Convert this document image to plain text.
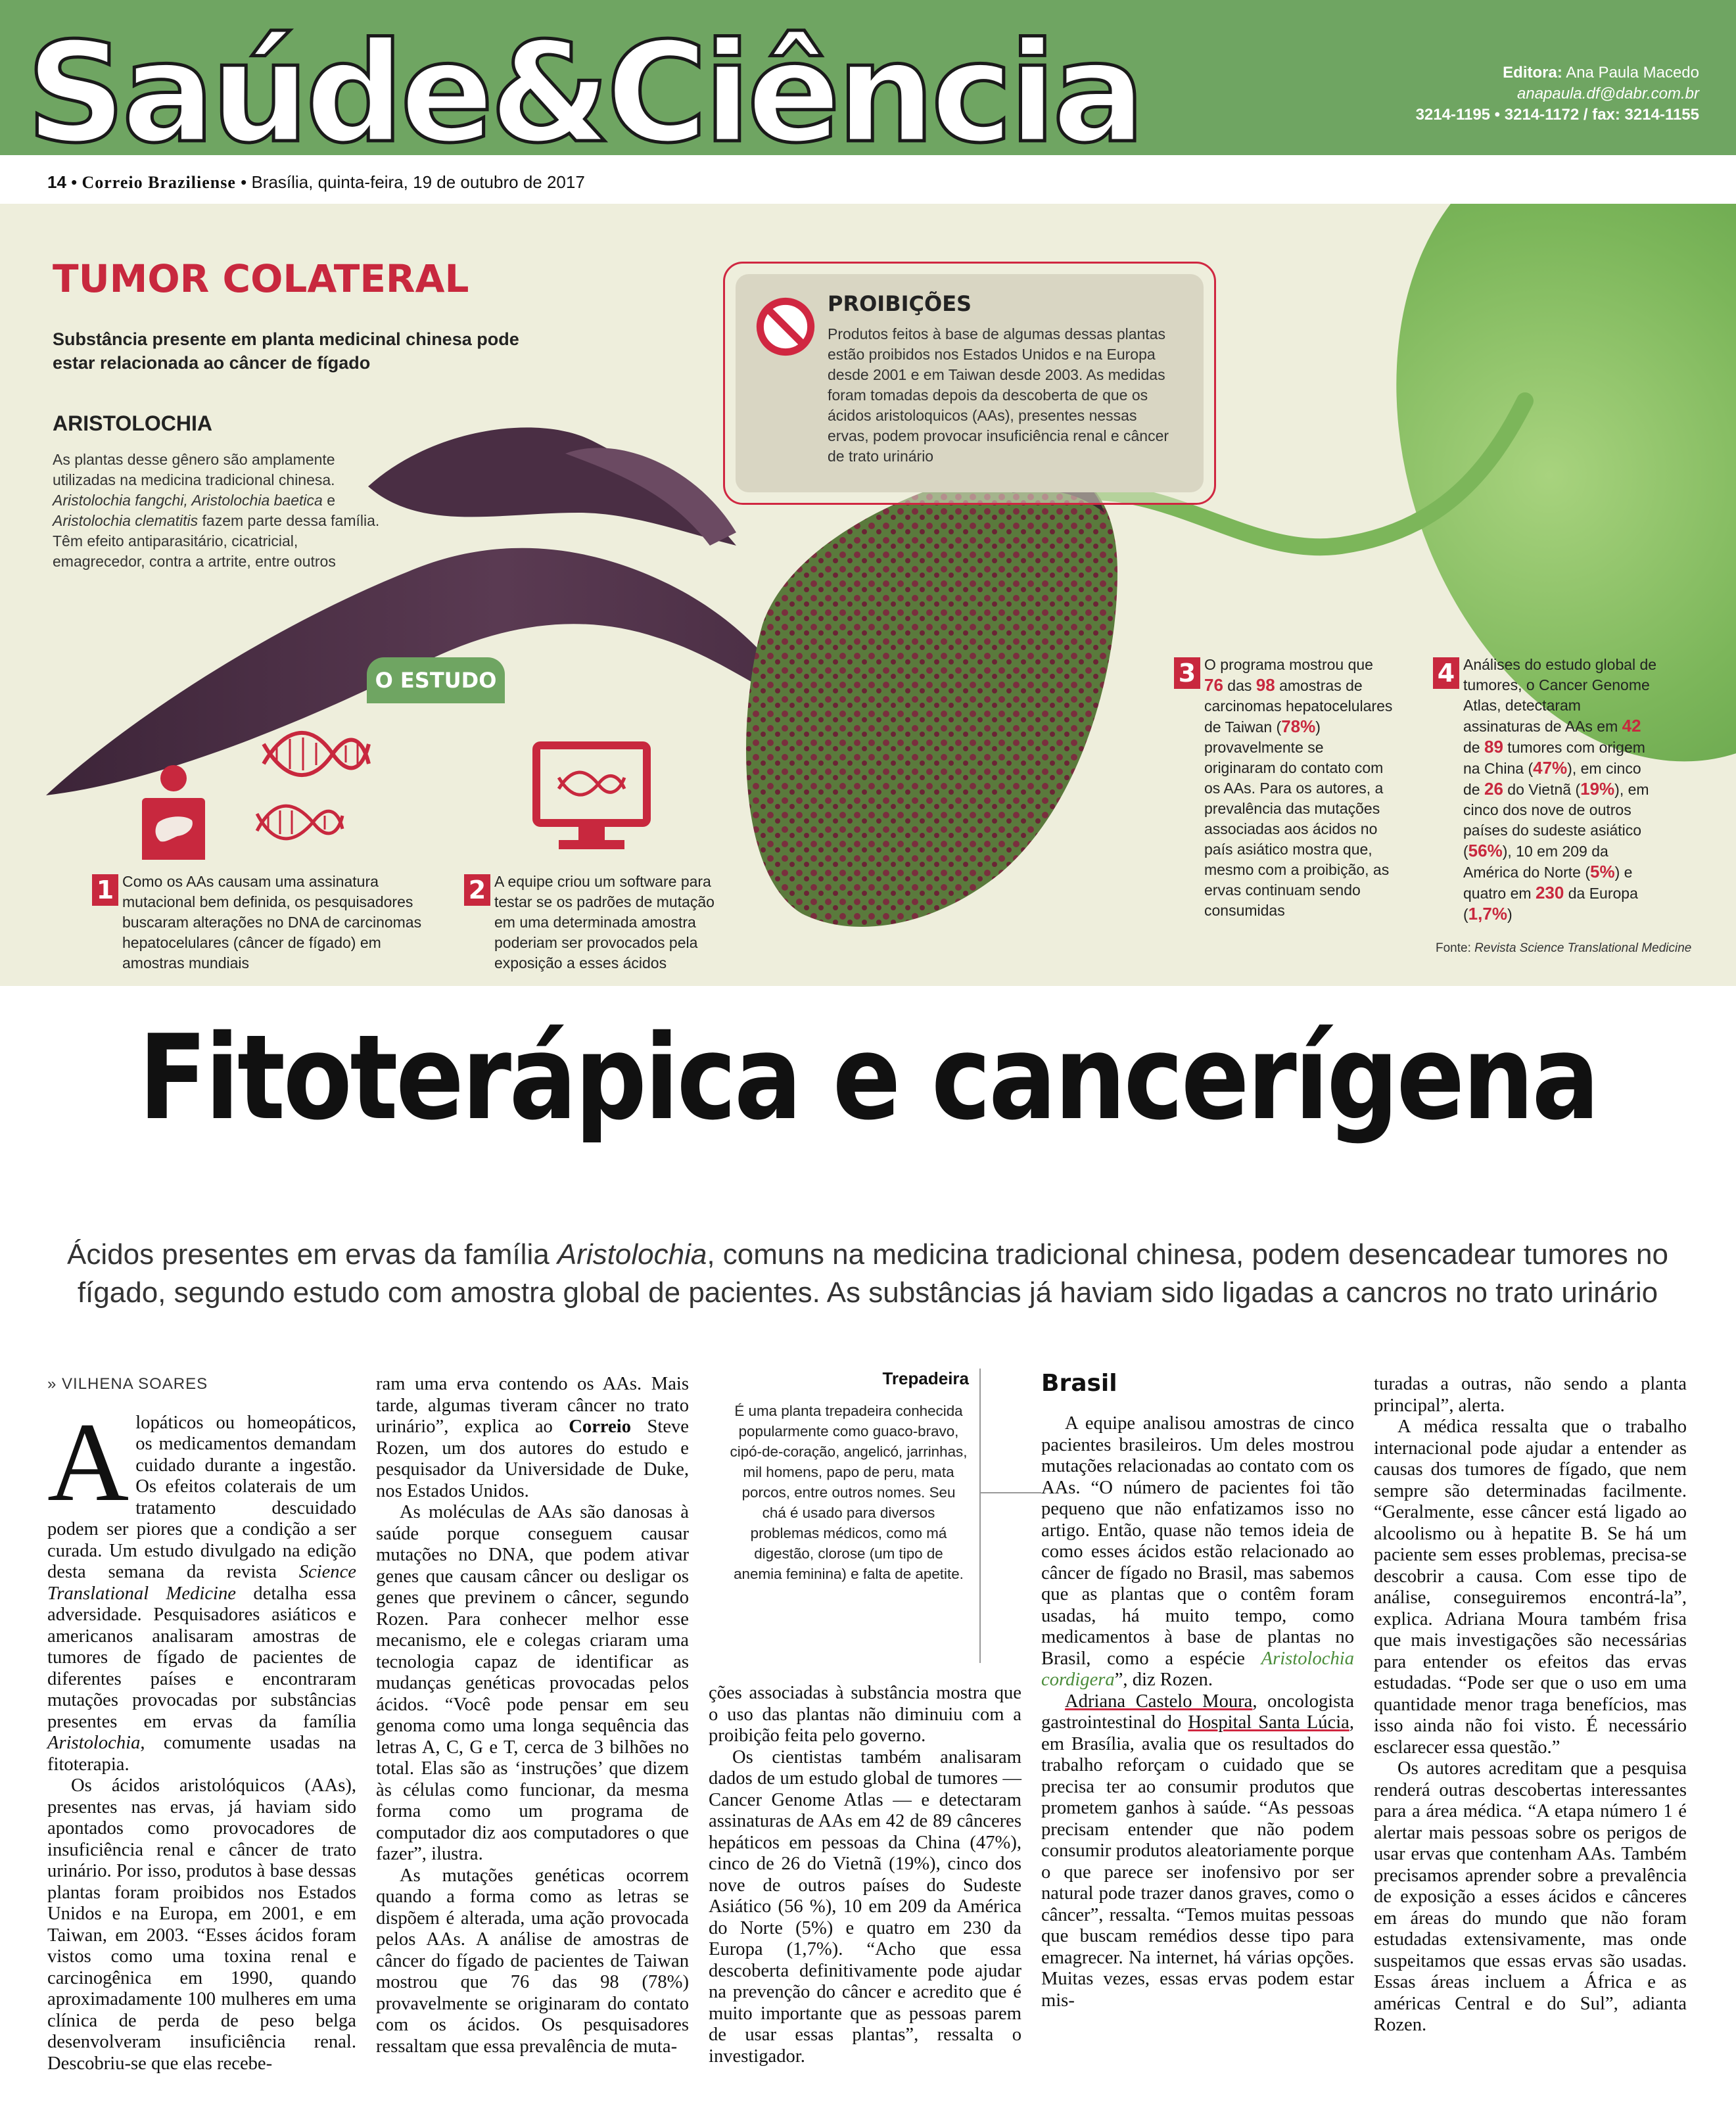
Saúde&Ciência	Editora: Ana Paula Macedo
anapaula.df@dabr.com.br
3214-1195 • 3214-1172 / fax: 3214-1155
14 • Correio Braziliense • Brasília, quinta-feira, 19 de outubro de 2017
TUMOR COLATERAL
Substância presente em planta medicinal chinesa pode estar relacionada ao câncer de fígado
ARISTOLOCHIA
As plantas desse gênero são amplamente utilizadas na medicina tradicional chinesa. Aristolochia fangchi, Aristolochia baetica e Aristolochia clematitis fazem parte dessa família. Têm efeito antiparasitário, cicatricial, emagrecedor, contra a artrite, entre outros
PROIBIÇÕES
Produtos feitos à base de algumas dessas plantas estão proibidos nos Estados Unidos e na Europa desde 2001 e em Taiwan desde 2003. As medidas foram tomadas depois da descoberta de que os ácidos aristoloquicos (AAs), presentes nessas ervas, podem provocar insuficiência renal e câncer de trato urinário
O ESTUDO
1 Como os AAs causam uma assinatura mutacional bem definida, os pesquisadores buscaram alterações no DNA de carcinomas hepatocelulares (câncer de fígado) em amostras mundiais
2 A equipe criou um software para testar se os padrões de mutação em uma determinada amostra poderiam ser provocados pela exposição a esses ácidos
3 O programa mostrou que 76 das 98 amostras de carcinomas hepatocelulares de Taiwan (78%) provavelmente se originaram do contato com os AAs. Para os autores, a prevalência das mutações associadas aos ácidos no país asiático mostra que, mesmo com a proibição, as ervas continuam sendo consumidas
4 Análises do estudo global de tumores, o Cancer Genome Atlas, detectaram assinaturas de AAs em 42 de 89 tumores com origem na China (47%), em cinco de 26 do Vietnã (19%), em cinco dos nove de outros países do sudeste asiático (56%), 10 em 209 da América do Norte (5%) e quatro em 230 da Europa (1,7%)
Fonte: Revista Science Translational Medicine
Fitoterápica e cancerígena
Ácidos presentes em ervas da família Aristolochia, comuns na medicina tradicional chinesa, podem desencadear tumores no fígado, segundo estudo com amostra global de pacientes. As substâncias já haviam sido ligadas a cancros no trato urinário
» VILHENA SOARES

Alopáticos ou homeopáticos, os medicamentos demandam cuidado durante a ingestão. Os efeitos colaterais de um tratamento descuidado podem ser piores que a condição a ser curada. Um estudo divulgado na edição desta semana da revista Science Translational Medicine detalha essa adversidade. Pesquisadores asiáticos e americanos analisaram amostras de tumores de fígado de pacientes de diferentes países e encontraram mutações provocadas por substâncias presentes em ervas da família Aristolochia, comumente usadas na fitoterapia.

Os ácidos aristolóquicos (AAs), presentes nas ervas, já haviam sido apontados como provocadores de insuficiência renal e câncer de trato urinário. Por isso, produtos à base dessas plantas foram proibidos nos Estados Unidos e na Europa, em 2001, e em Taiwan, em 2003. “Esses ácidos foram vistos como uma toxina renal e carcinogênica em 1990, quando aproximadamente 100 mulheres em uma clínica de perda de peso belga desenvolveram insuficiência renal. Descobriu-se que elas recebe-

ram uma erva contendo os AAs. Mais tarde, algumas tiveram câncer no trato urinário”, explica ao Correio Steve Rozen, um dos autores do estudo e pesquisador da Universidade de Duke, nos Estados Unidos.

As moléculas de AAs são danosas à saúde porque conseguem causar mutações no DNA, que podem ativar genes que causam câncer ou desligar os genes que previnem o câncer, segundo Rozen. Para conhecer melhor esse mecanismo, ele e colegas criaram uma tecnologia capaz de identificar as mudanças genéticas provocadas pelos ácidos. “Você pode pensar em seu genoma como uma longa sequência das letras A, C, G e T, cerca de 3 bilhões no total. Elas são as ‘instruções’ que dizem às células como funcionar, da mesma forma como um programa de computador diz aos computadores o que fazer”, ilustra.

As mutações genéticas ocorrem quando a forma como as letras se dispõem é alterada, uma ação provocada pelos AAs. A análise de amostras de câncer do fígado de pacientes de Taiwan mostrou que 76 das 98 (78%) provavelmente se originaram do contato com os ácidos. Os pesquisadores ressaltam que essa prevalência de muta-

Trepadeira
É uma planta trepadeira conhecida popularmente como guaco-bravo, cipó-de-coração, angelicó, jarrinhas, mil homens, papo de peru, mata porcos, entre outros nomes. Seu chá é usado para diversos problemas médicos, como má digestão, clorose (um tipo de anemia feminina) e falta de apetite.

ções associadas à substância mostra que o uso das plantas não diminuiu com a proibição feita pelo governo.

Os cientistas também analisaram dados de um estudo global de tumores — Cancer Genome Atlas — e detectaram assinaturas de AAs em 42 de 89 cânceres hepáticos em pessoas da China (47%), cinco de 26 do Vietnã (19%), cinco dos nove de outros países do Sudeste Asiático (56 %), 10 em 209 da América do Norte (5%) e quatro em 230 da Europa (1,7%). “Acho que essa descoberta definitivamente pode ajudar na prevenção do câncer e acredito que é muito importante que as pessoas parem de usar essas plantas”, ressalta o investigador.

Brasil

A equipe analisou amostras de cinco pacientes brasileiros. Um deles mostrou mutações relacionadas ao contato com os AAs. “O número de pacientes foi tão pequeno que não enfatizamos isso no artigo. Então, quase não temos ideia de como esses ácidos estão relacionado ao câncer de fígado no Brasil, mas sabemos que as plantas que o contêm foram usadas, há muito tempo, como medicamentos à base de plantas no Brasil, como a espécie Aristolochia cordigera”, diz Rozen.

Adriana Castelo Moura, oncologista gastrointestinal do Hospital Santa Lúcia, em Brasília, avalia que os resultados do trabalho reforçam o cuidado que se precisa ter ao consumir produtos que prometem ganhos à saúde. “As pessoas precisam entender que não podem consumir produtos aleatoriamente porque o que parece ser inofensivo por ser natural pode trazer danos graves, como o câncer”, ressalta. “Temos muitas pessoas que buscam remédios desse tipo para emagrecer. Na internet, há várias opções. Muitas vezes, essas ervas podem estar mis-

turadas a outras, não sendo a planta principal”, alerta.

A médica ressalta que o trabalho internacional pode ajudar a entender as causas dos tumores de fígado, que nem sempre são determinadas facilmente. “Geralmente, esse câncer está ligado ao alcoolismo ou à hepatite B. Se há um paciente sem esses problemas, precisa-se descobrir a causa. Com esse tipo de análise, conseguiremos encontrá-la”, explica. Adriana Moura também frisa que mais investigações são necessárias para entender os efeitos das ervas estudadas. “Pode ser que o uso em uma quantidade menor traga benefícios, mas isso ainda não foi visto. É necessário esclarecer essa questão.”

Os autores acreditam que a pesquisa renderá outras descobertas interessantes para a área médica. “A etapa número 1 é alertar mais pessoas sobre os perigos de usar ervas que contenham AAs. Também precisamos aprender sobre a prevalência de exposição a esses ácidos e cânceres em áreas do mundo que não foram estudadas extensivamente, mas onde suspeitamos que essas ervas são usadas. Essas áreas incluem a África e as américas Central e do Sul”, adianta Rozen.
